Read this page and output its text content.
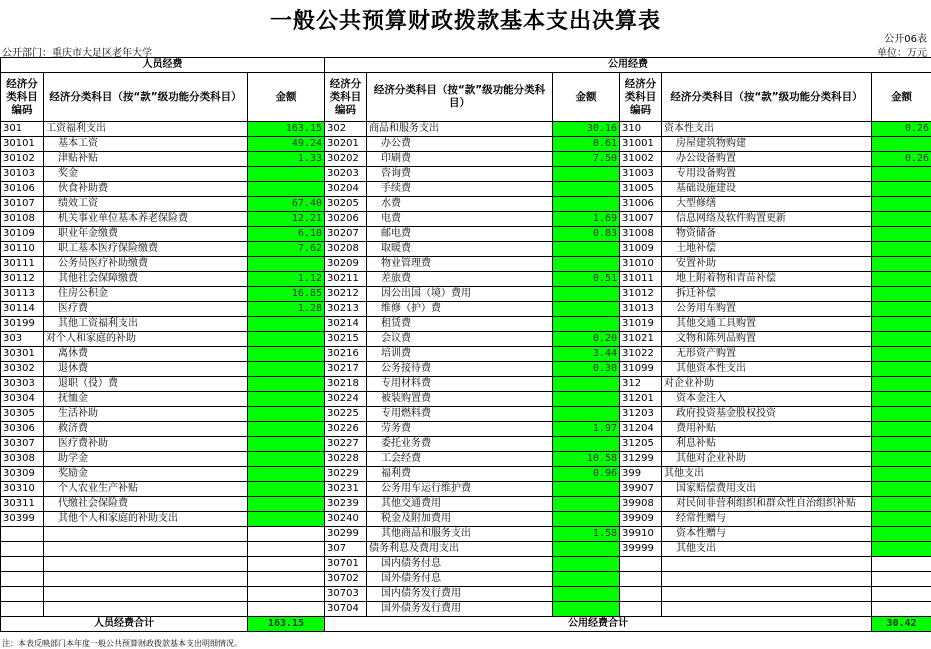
一般公共预算财政拨款基本支出决算表
公开06表
公开部门：重庆市大足区老年大学	单位：万元
人员经费			公用经费					
经济分类科目编码	经济分类科目（按“款”级功能分类科目）	金额	经济分类科目编码	经济分类科目（按“款”级功能分类科目）	金额	经济分类科目编码	经济分类科目（按“款”级功能分类科目）	金额
301	工资福利支出	163.15	302	商品和服务支出	30.16	310	资本性支出	0.26
30101	基本工资	49.24	30201	办公费	0.61	31001	房屋建筑物购建	
30102	津贴补贴	1.33	30202	印刷费	7.50	31002	办公设备购置	0.26
30103	奖金		30203	咨询费		31003	专用设备购置	
30106	伙食补助费		30204	手续费		31005	基础设施建设	
30107	绩效工资	67.40	30205	水费		31006	大型修缮	
30108	机关事业单位基本养老保险费	12.21	30206	电费	1.69	31007	信息网络及软件购置更新	
30109	职业年金缴费	6.10	30207	邮电费	0.83	31008	物资储备	
30110	职工基本医疗保险缴费	7.62	30208	取暖费		31009	土地补偿	
30111	公务员医疗补助缴费		30209	物业管理费		31010	安置补助	
30112	其他社会保障缴费	1.12	30211	差旅费	0.51	31011	地上附着物和青苗补偿	
30113	住房公积金	16.85	30212	因公出国（境）费用		31012	拆迁补偿	
30114	医疗费	1.28	30213	维修（护）费		31013	公务用车购置	
30199	其他工资福利支出		30214	租赁费		31019	其他交通工具购置	
303	对个人和家庭的补助		30215	会议费	0.20	31021	文物和陈列品购置	
30301	离休费		30216	培训费	3.44	31022	无形资产购置	
30302	退休费		30217	公务接待费	0.30	31099	其他资本性支出	
30303	退职（役）费		30218	专用材料费		312	对企业补助	
30304	抚恤金		30224	被装购置费		31201	资本金注入	
30305	生活补助		30225	专用燃料费		31203	政府投资基金股权投资	
30306	救济费		30226	劳务费	1.97	31204	费用补贴	
30307	医疗费补助		30227	委托业务费		31205	利息补贴	
30308	助学金		30228	工会经费	10.58	31299	其他对企业补助	
30309	奖励金		30229	福利费	0.96	399	其他支出	
30310	个人农业生产补贴		30231	公务用车运行维护费		39907	国家赔偿费用支出	
30311	代缴社会保险费		30239	其他交通费用		39908	对民间非营利组织和群众性自治组织补贴	
30399	其他个人和家庭的补助支出		30240	税金及附加费用		39909	经常性赠与	
			30299	其他商品和服务支出	1.58	39910	资本性赠与	
			307	债务利息及费用支出		39999	其他支出	
			30701	国内债务付息				
			30702	国外债务付息				
			30703	国内债务发行费用				
			30704	国外债务发行费用				
人员经费合计		163.15	公用经费合计					30.42
注：本表反映部门本年度一般公共预算财政拨款基本支出明细情况。
